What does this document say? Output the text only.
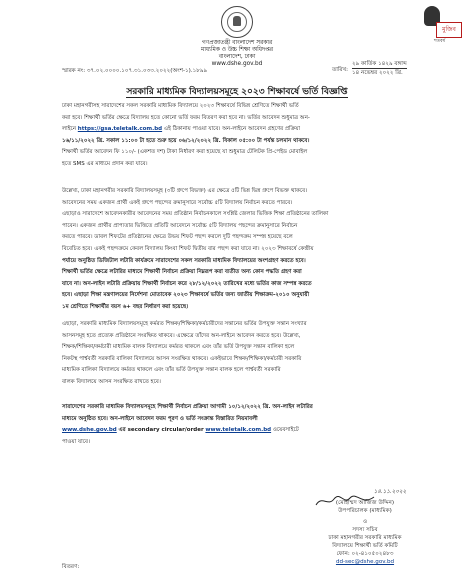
গণপ্রজাতন্ত্রী বাংলাদেশ সরকার
মাধ্যমিক ও উচ্চ শিক্ষা অধিদপ্তর
বাংলাদেশ, ঢাকা
www.dshe.gov.bd
মুজিব
শতবর্ষ
স্মারক নং: ৩৭.০২.০০০০.১০৭.৩১.০৩৩.২০২২(অংশ-১).১৮৯৯	তারিখ:
২৯ কার্তিক ১৪২৯ বঙ্গাব্দ
১৪ নভেম্বর ২০২২ খ্রি.
সরকারি মাধ্যমিক বিদ্যালয়সমূহে ২০২৩ শিক্ষাবর্ষে ভর্তি বিজ্ঞপ্তি
ঢাকা মহানগরীসহ সারাদেশের সকল সরকারি মাধ্যমিক বিদ্যালয়ে ২০২৩ শিক্ষাবর্ষে বিভিন্ন শ্রেণিতে শিক্ষার্থী ভর্তি
করা হবে। শিক্ষার্থী ভর্তির ক্ষেত্রে বিদ্যালয় হতে কোনো ভর্তি ফরম বিতরণ করা হবে না। ভর্তির আবেদন শুধুমাত্র অন-
লাইনে https://gsa.teletalk.com.bd এই ঠিকানায় পাওয়া যাবে। অন-লাইনে আবেদন গ্রহণের প্রক্রিয়া
১৬/১১/২০২২ খ্রি. সকাল ১১:০০ টা হতে শুরু হয়ে ০৬/১২/২০২২ খ্রি. বিকাল ০৫:০০ টা পর্যন্ত চলমান থাকবে।
শিক্ষার্থী ভর্তির আবেদন ফি ১১০/- (একশত দশ) টাকা নির্ধারণ করা হয়েছে যা শুধুমাত্র টেলিটক প্রি-পেইড মোবাইল
হতে SMS এর মাধ্যমে প্রদান করা যাবে।
উল্লেখ্য, ঢাকা মহানগরীর সরকারি বিদ্যালয়সমূহ (৩টি গ্রুপে বিভক্ত) এর ক্ষেত্রে ৫টি ভিন্ন ভিন্ন গ্রুপে বিভক্ত থাকবে।
আবেদনের সময় একজন প্রার্থী একই গ্রুপে পছন্দের ক্রমানুসারে সর্বোচ্চ ৫টি বিদ্যালয় নির্বাচন করতে পারবে।
এছাড়াও সারাদেশে আবেদনকারীর আবেদনের সময় প্রতিষ্ঠান নির্বাচনকালে সংশ্লিষ্ট জেলার ভিত্তিক শিক্ষা প্রতিষ্ঠানের তালিকা
পাবেন। একজন প্রার্থীর প্রাপ্যতার ভিত্তিতে প্রতিটি আবেদনে সর্বোচ্চ ৫টি বিদ্যালয় পছন্দের ক্রমানুসারে নির্বাচন
করতে পারবে। ডাবল শিফটের প্রতিষ্ঠানের ক্ষেত্রে উভয় শিফট পছন্দ করলে দুটি পছন্দক্রম সম্পন্ন হয়েছে বলে
বিবেচিত হবে। একই পছন্দক্রমে কেবল বিদ্যালয় কিংবা শিফট দ্বিতীয় বার পছন্দ করা যাবে না। ২০২৩ শিক্ষাবর্ষে কেন্দ্রীয়
পর্যায়ে অনুষ্ঠিত ডিজিটাল লটারি কার্যক্রমে সারাদেশের সকল সরকারি মাধ্যমিক বিদ্যালয়ের অংশগ্রহণ করতে হবে।
শিক্ষার্থী ভর্তির ক্ষেত্রে লটারির মাধ্যমে শিক্ষার্থী নির্বাচন প্রক্রিয়া নিম্নরূপ করা ব্যতীত অন্য কোন পদ্ধতি গ্রহণ করা
যাবে না। অন-লাইন লটারি প্রক্রিয়ায় শিক্ষার্থী নির্বাচন করে ২৮/১২/২০২২ তারিখের মধ্যে ভর্তির কাজ সম্পন্ন করতে
হবে। এছাড়া শিক্ষা মন্ত্রণালয়ের নির্দেশনা মোতাবেক ২০২৩ শিক্ষাবর্ষে ভর্তির জন্য জাতীয় শিক্ষাক্রম-২০১০ অনুযায়ী
১ম শ্রেণিতে শিক্ষার্থীর বয়স ৬+ বছর নির্ধারণ করা হয়েছে।
এছাড়া, সরকারি মাধ্যমিক বিদ্যালয়সমূহে কর্মরত শিক্ষক/শিক্ষিকা/কর্মচারীদের সন্তানের ভর্তির উপযুক্ত সন্তান সংখ্যার
আসনসমূহ হতে প্রত্যেক প্রতিষ্ঠানে সংরক্ষিত থাকবে। এক্ষেত্রে তাঁদের অন-লাইনে আবেদন করতে হবে। উল্লেখ্য,
শিক্ষক/শিক্ষিকা/কর্মচারী মাধ্যমিক বালক বিদ্যালয়ে কর্মরত থাকলে এবং তাঁর ভর্তি উপযুক্ত সন্তান বালিকা হলে
নিকটস্থ পার্শ্ববর্তী সরকারি বালিকা বিদ্যালয়ে আসন সংরক্ষিত থাকবে। একইভাবে শিক্ষক/শিক্ষিকা/কর্মচারী সরকারি
মাধ্যমিক বালিকা বিদ্যালয়ে কর্মরত থাকলে এবং তাঁর ভর্তি উপযুক্ত সন্তান বালক হলে পার্শ্ববর্তী সরকারি
বালক বিদ্যালয়ে আসন সংরক্ষিত রাখতে হবে।
সারাদেশের সরকারি মাধ্যমিক বিদ্যালয়সমূহে শিক্ষার্থী নির্বাচন প্রক্রিয়া আগামী ১০/১২/২০২২ খ্রি. অন-লাইন লটারির
মাধ্যমে অনুষ্ঠিত হবে। অন-লাইনে আবেদন ফরম পূরণ ও ভর্তি সংক্রান্ত বিস্তারিত নিয়মাবলী
www.dshe.gov.bd এর secondary circular/order www.teletalk.com.bd ওয়েবসাইটে
পাওয়া যাবে।
১৪.১১.২০২২
(মোহাম্মদ আজিজ উদ্দিন)
উপপরিচালক (মাধ্যমিক)
ও
সদস্য সচিব
ঢাকা মহানগরীর সরকারি মাধ্যমিক
বিদ্যালয়ে শিক্ষার্থী ভর্তি কমিটি
ফোন: ০২-৪১০৫০২৪৮৩
dd-sec@dshe.gov.bd
বিতরণ:
